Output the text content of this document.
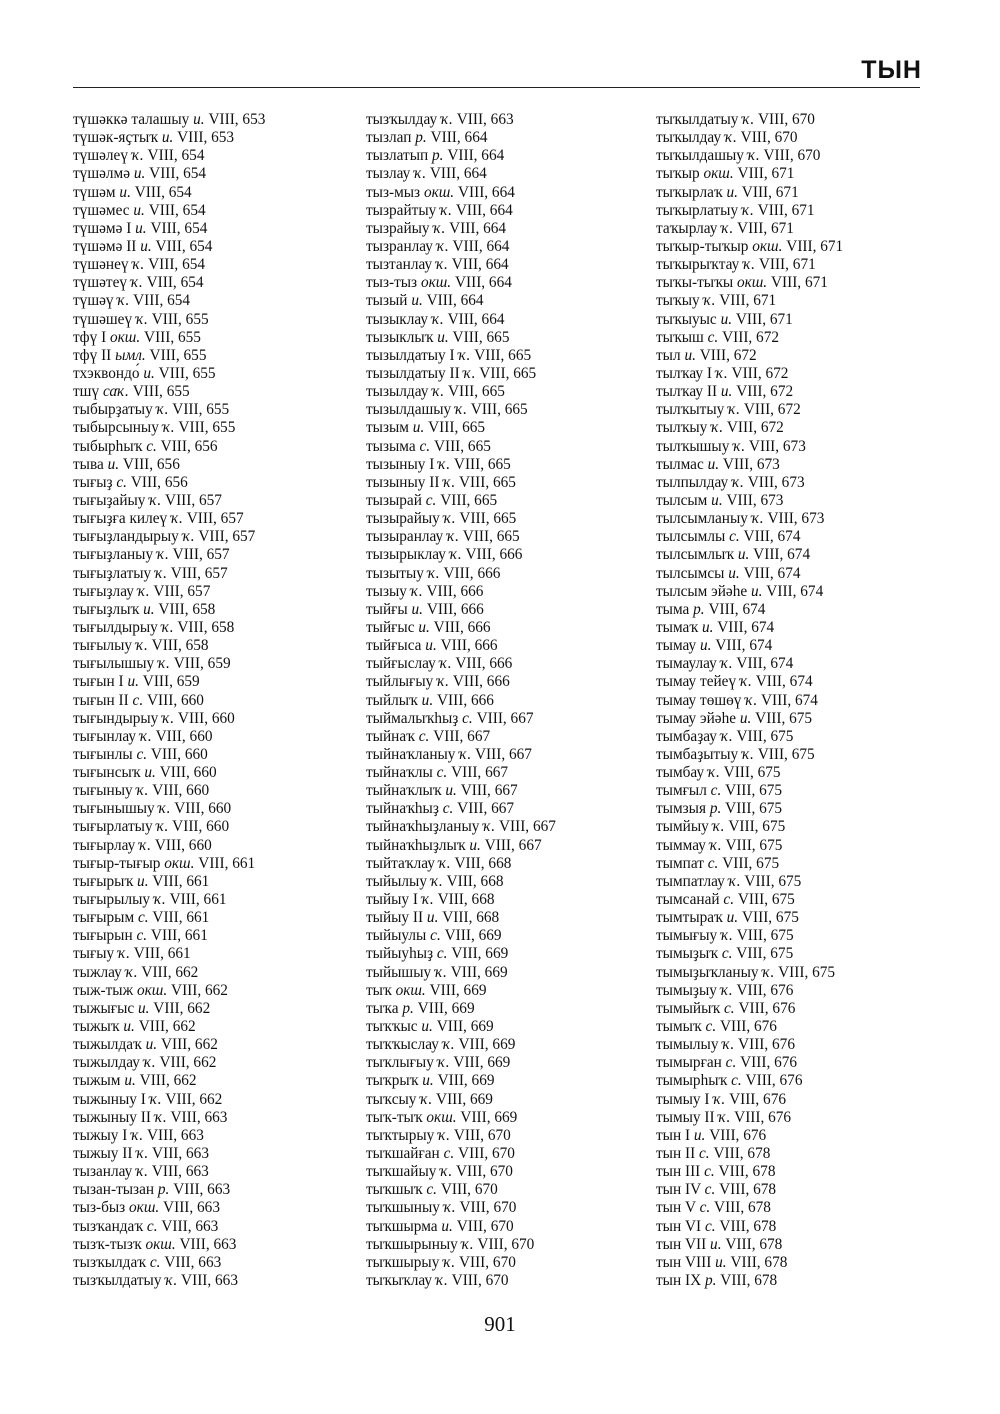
ТЫН
түшәккә талашыу и. VIII, 653
түшәк-яҫтыҡ и. VIII, 653
түшәлеү ҡ. VIII, 654
түшәлмә и. VIII, 654
түшәм и. VIII, 654
түшәмес и. VIII, 654
түшәмә I и. VIII, 654
түшәмә II и. VIII, 654
түшәнеү ҡ. VIII, 654
түшәтеү ҡ. VIII, 654
түшәү ҡ. VIII, 654
түшәшеү ҡ. VIII, 655
тфү I окш. VIII, 655
тфү II ымл. VIII, 655
тхэквондо́ и. VIII, 655
тшү саҡ. VIII, 655
тыбырҙатыу ҡ. VIII, 655
тыбырсыныу ҡ. VIII, 655
тыбырһыҡ с. VIII, 656
тыва и. VIII, 656
тығыҙ с. VIII, 656
тығыҙайыу ҡ. VIII, 657
тығыҙға килеү ҡ. VIII, 657
тығыҙландырыу ҡ. VIII, 657
тығыҙланыу ҡ. VIII, 657
тығыҙлатыу ҡ. VIII, 657
тығыҙлау ҡ. VIII, 657
тығыҙлыҡ и. VIII, 658
тығылдырыу ҡ. VIII, 658
тығылыу ҡ. VIII, 658
тығылышыу ҡ. VIII, 659
тығын I и. VIII, 659
тығын II с. VIII, 660
тығындырыу ҡ. VIII, 660
тығынлау ҡ. VIII, 660
тығынлы с. VIII, 660
тығынсыҡ и. VIII, 660
тығыныу ҡ. VIII, 660
тығынышыу ҡ. VIII, 660
тығырлатыу ҡ. VIII, 660
тығырлау ҡ. VIII, 660
тығыр-тығыр окш. VIII, 661
тығырыҡ и. VIII, 661
тығырылыу ҡ. VIII, 661
тығырым с. VIII, 661
тығырын с. VIII, 661
тығыу ҡ. VIII, 661
тыжлау ҡ. VIII, 662
тыж-тыж окш. VIII, 662
тыжығыс и. VIII, 662
тыжыҡ и. VIII, 662
тыжылдаҡ и. VIII, 662
тыжылдау ҡ. VIII, 662
тыжым и. VIII, 662
тыжыныу I ҡ. VIII, 662
тыжыныу II ҡ. VIII, 663
тыжыу I ҡ. VIII, 663
тыжыу II ҡ. VIII, 663
тызанлау ҡ. VIII, 663
тызан-тызан р. VIII, 663
тыз-быз окш. VIII, 663
тызҡандаҡ с. VIII, 663
тызҡ-тызҡ окш. VIII, 663
тызҡылдаҡ с. VIII, 663
тызҡылдатыу ҡ. VIII, 663
тызҡылдау ҡ. VIII, 663
тызлап р. VIII, 664
тызлатып р. VIII, 664
тызлау ҡ. VIII, 664
тыз-мыз окш. VIII, 664
тызрайтыу ҡ. VIII, 664
тызрайыу ҡ. VIII, 664
тызранлау ҡ. VIII, 664
тызтанлау ҡ. VIII, 664
тыз-тыз окш. VIII, 664
тызый и. VIII, 664
тызыклау ҡ. VIII, 664
тызыклыҡ и. VIII, 665
тызылдатыу I ҡ. VIII, 665
тызылдатыу II ҡ. VIII, 665
тызылдау ҡ. VIII, 665
тызылдашыу ҡ. VIII, 665
тызым и. VIII, 665
тызыма с. VIII, 665
тызыныу I ҡ. VIII, 665
тызыныу II ҡ. VIII, 665
тызырай с. VIII, 665
тызырайыу ҡ. VIII, 665
тызыранлау ҡ. VIII, 665
тызырыклау ҡ. VIII, 666
тызытыу ҡ. VIII, 666
тызыу ҡ. VIII, 666
тыйғы и. VIII, 666
тыйғыс и. VIII, 666
тыйғыса и. VIII, 666
тыйғыслау ҡ. VIII, 666
тыйлығыу ҡ. VIII, 666
тыйлыҡ и. VIII, 666
тыймалыҡһыҙ с. VIII, 667
тыйнаҡ с. VIII, 667
тыйнаҡланыу ҡ. VIII, 667
тыйнаҡлы с. VIII, 667
тыйнаҡлыҡ и. VIII, 667
тыйнаҡһыҙ с. VIII, 667
тыйнаҡһыҙланыу ҡ. VIII, 667
тыйнаҡһыҙлыҡ и. VIII, 667
тыйтаҡлау ҡ. VIII, 668
тыйылыу ҡ. VIII, 668
тыйыу I ҡ. VIII, 668
тыйыу II и. VIII, 668
тыйыулы с. VIII, 669
тыйыуһыҙ с. VIII, 669
тыйышыу ҡ. VIII, 669
тыҡ окш. VIII, 669
тыҡа р. VIII, 669
тыҡҡыс и. VIII, 669
тыҡҡыслау ҡ. VIII, 669
тыҡлығыу ҡ. VIII, 669
тыҡрыҡ и. VIII, 669
тыҡсыу ҡ. VIII, 669
тыҡ-тыҡ окш. VIII, 669
тыҡтырыу ҡ. VIII, 670
тыҡшайған с. VIII, 670
тыҡшайыу ҡ. VIII, 670
тыҡшыҡ с. VIII, 670
тыҡшыныу ҡ. VIII, 670
тыҡшырма и. VIII, 670
тыҡшырыныу ҡ. VIII, 670
тыҡшырыу ҡ. VIII, 670
тыҡыҡлау ҡ. VIII, 670
тыҡылдатыу ҡ. VIII, 670
тыҡылдау ҡ. VIII, 670
тыҡылдашыу ҡ. VIII, 670
тыҡыр окш. VIII, 671
тыҡырлаҡ и. VIII, 671
тыҡырлатыу ҡ. VIII, 671
таҡырлау ҡ. VIII, 671
тыҡыр-тыҡыр окш. VIII, 671
тыҡырыҡтау ҡ. VIII, 671
тыҡы-тыҡы окш. VIII, 671
тыҡыу ҡ. VIII, 671
тыҡыуыс и. VIII, 671
тыҡыш с. VIII, 672
тыл и. VIII, 672
тылҡау I ҡ. VIII, 672
тылҡау II и. VIII, 672
тылҡытыу ҡ. VIII, 672
тылҡыу ҡ. VIII, 672
тылҡышыу ҡ. VIII, 673
тылмас и. VIII, 673
тылпылдау ҡ. VIII, 673
тылсым и. VIII, 673
тылсымланыу ҡ. VIII, 673
тылсымлы с. VIII, 674
тылсымлыҡ и. VIII, 674
тылсымсы и. VIII, 674
тылсым эйәһе и. VIII, 674
тыма р. VIII, 674
тымаҡ и. VIII, 674
тымау и. VIII, 674
тымаулау ҡ. VIII, 674
тымау тейеү ҡ. VIII, 674
тымау төшөү ҡ. VIII, 674
тымау эйәһе и. VIII, 675
тымбаҙау ҡ. VIII, 675
тымбаҙытыу ҡ. VIII, 675
тымбау ҡ. VIII, 675
тымғыл с. VIII, 675
тымзыя р. VIII, 675
тымйыу ҡ. VIII, 675
тыммау ҡ. VIII, 675
тымпат с. VIII, 675
тымпатлау ҡ. VIII, 675
тымсанай с. VIII, 675
тымтыраҡ и. VIII, 675
тымығыу ҡ. VIII, 675
тымыҙыҡ с. VIII, 675
тымыҙыҡланыу ҡ. VIII, 675
тымыҙыу ҡ. VIII, 676
тымыйыҡ с. VIII, 676
тымыҡ с. VIII, 676
тымылыу ҡ. VIII, 676
тымырған с. VIII, 676
тымырһыҡ с. VIII, 676
тымыу I ҡ. VIII, 676
тымыу II ҡ. VIII, 676
тын I и. VIII, 676
тын II с. VIII, 678
тын III с. VIII, 678
тын IV с. VIII, 678
тын V с. VIII, 678
тын VI с. VIII, 678
тын VII и. VIII, 678
тын VIII и. VIII, 678
тын IX р. VIII, 678
901
